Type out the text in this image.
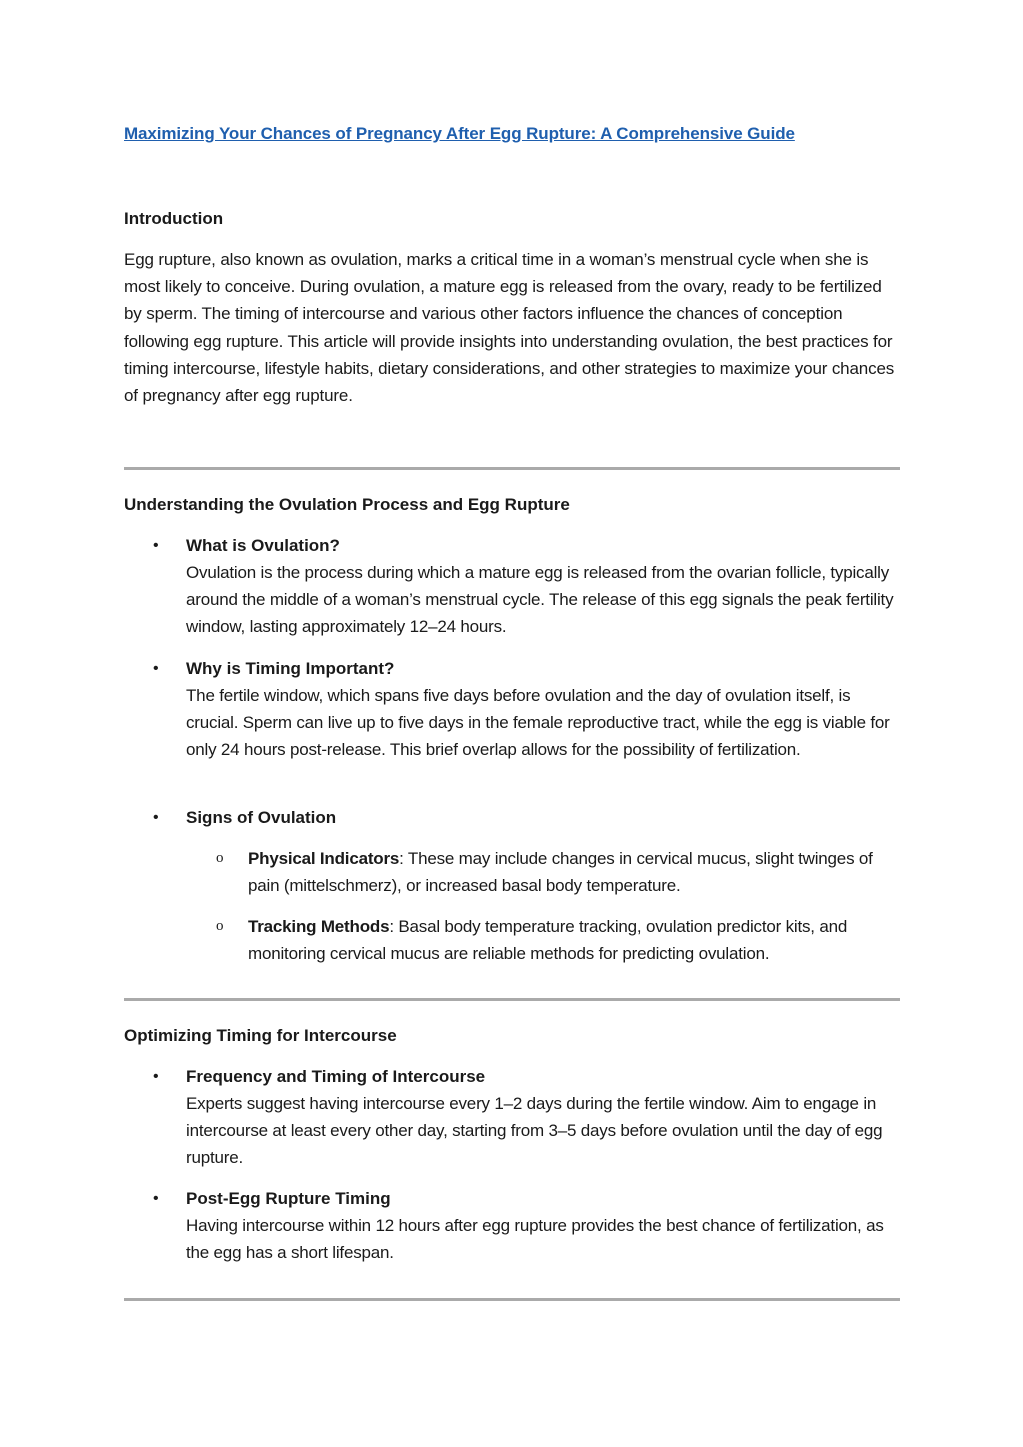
Maximizing Your Chances of Pregnancy After Egg Rupture: A Comprehensive Guide
Introduction

Egg rupture, also known as ovulation, marks a critical time in a woman’s menstrual cycle when she is most likely to conceive. During ovulation, a mature egg is released from the ovary, ready to be fertilized by sperm. The timing of intercourse and various other factors influence the chances of conception following egg rupture. This article will provide insights into understanding ovulation, the best practices for timing intercourse, lifestyle habits, dietary considerations, and other strategies to maximize your chances of pregnancy after egg rupture.

Understanding the Ovulation Process and Egg Rupture
• What is Ovulation?

Ovulation is the process during which a mature egg is released from the ovarian follicle, typically around the middle of a woman’s menstrual cycle. The release of this egg signals the peak fertility window, lasting approximately 12–24 hours.

• Why is Timing Important?

The fertile window, which spans five days before ovulation and the day of ovulation itself, is crucial. Sperm can live up to five days in the female reproductive tract, while the egg is viable for only 24 hours post-release. This brief overlap allows for the possibility of fertilization.

• Signs of Ovulation
o Physical Indicators: These may include changes in cervical mucus, slight twinges of pain (mittelschmerz), or increased basal body temperature.

o Tracking Methods: Basal body temperature tracking, ovulation predictor kits, and monitoring cervical mucus are reliable methods for predicting ovulation.

Optimizing Timing for Intercourse
• Frequency and Timing of Intercourse

Experts suggest having intercourse every 1–2 days during the fertile window. Aim to engage in intercourse at least every other day, starting from 3–5 days before ovulation until the day of egg rupture.

• Post-Egg Rupture Timing

Having intercourse within 12 hours after egg rupture provides the best chance of fertilization, as the egg has a short lifespan.
